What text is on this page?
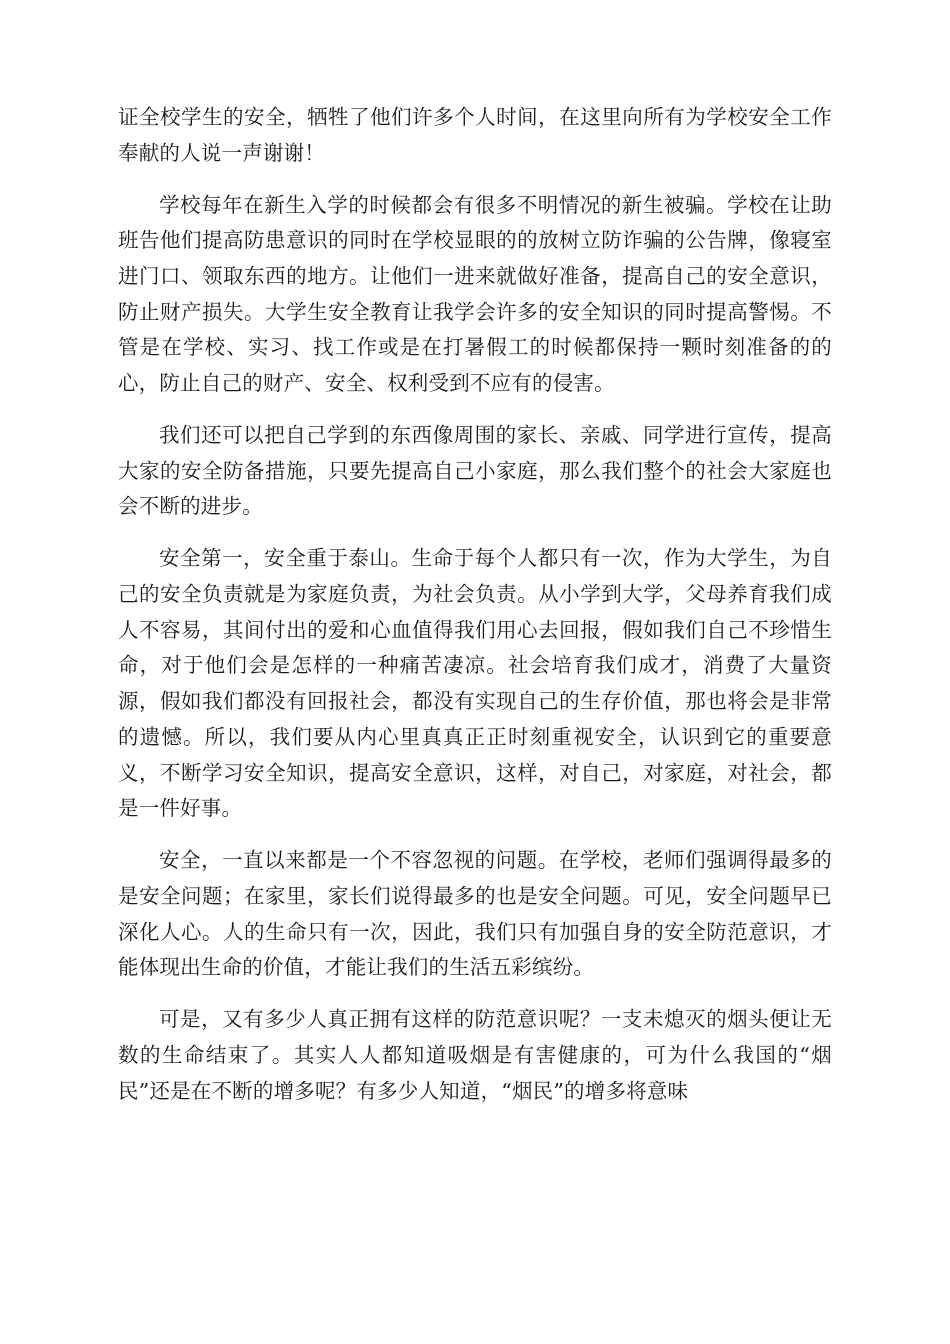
证全校学生的安全，牺牲了他们许多个人时间，在这里向所有为学校安全工作奉献的人说一声谢谢！

学校每年在新生入学的时候都会有很多不明情况的新生被骗。学校在让助班告他们提高防患意识的同时在学校显眼的的放树立防诈骗的公告牌，像寝室进门口、领取东西的地方。让他们一进来就做好准备，提高自己的安全意识，防止财产损失。大学生安全教育让我学会许多的安全知识的同时提高警惕。不管是在学校、实习、找工作或是在打暑假工的时候都保持一颗时刻准备的的心，防止自己的财产、安全、权利受到不应有的侵害。

我们还可以把自己学到的东西像周围的家长、亲戚、同学进行宣传，提高大家的安全防备措施，只要先提高自己小家庭，那么我们整个的社会大家庭也会不断的进步。

安全第一，安全重于泰山。生命于每个人都只有一次，作为大学生，为自己的安全负责就是为家庭负责，为社会负责。从小学到大学，父母养育我们成人不容易，其间付出的爱和心血值得我们用心去回报，假如我们自己不珍惜生命，对于他们会是怎样的一种痛苦凄凉。社会培育我们成才，消费了大量资源，假如我们都没有回报社会，都没有实现自己的生存价值，那也将会是非常的遗憾。所以，我们要从内心里真真正正时刻重视安全，认识到它的重要意义，不断学习安全知识，提高安全意识，这样，对自己，对家庭，对社会，都是一件好事。

安全，一直以来都是一个不容忽视的问题。在学校，老师们强调得最多的是安全问题；在家里，家长们说得最多的也是安全问题。可见，安全问题早已深化人心。人的生命只有一次，因此，我们只有加强自身的安全防范意识，才能体现出生命的价值，才能让我们的生活五彩缤纷。

可是，又有多少人真正拥有这样的防范意识呢？一支未熄灭的烟头便让无数的生命结束了。其实人人都知道吸烟是有害健康的，可为什么我国的“烟民”还是在不断的增多呢？有多少人知道，“烟民”的增多将意味
